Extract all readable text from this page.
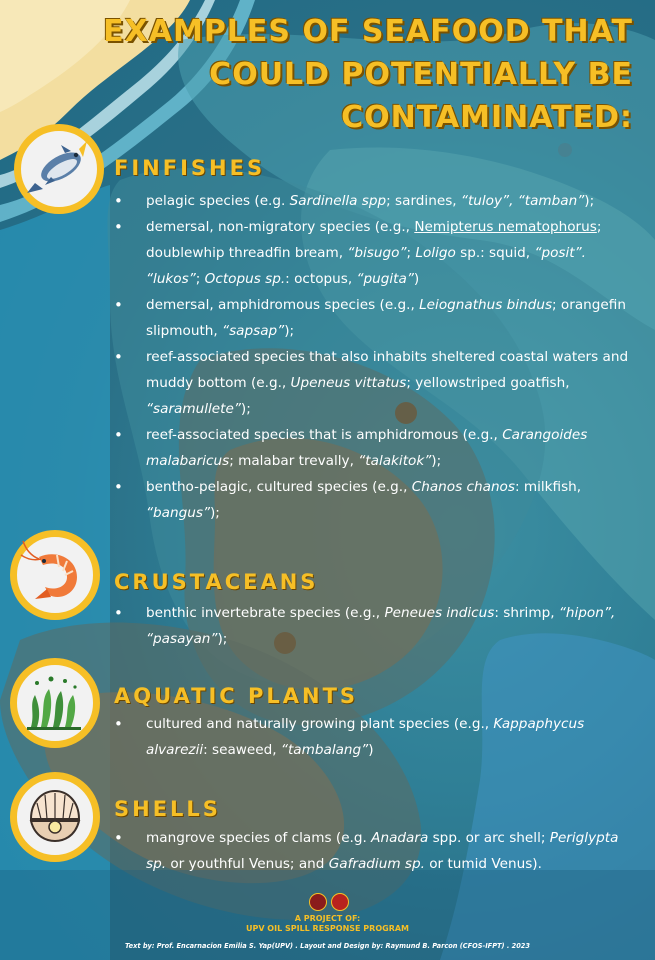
EXAMPLES OF SEAFOOD THAT
COULD POTENTIALLY BE
CONTAMINATED:
FINFISHES
• pelagic species (e.g. Sardinella spp; sardines, “tuloy”, “tamban”);
• demersal, non-migratory species (e.g., Nemipterus nematophorus; doublewhip threadfin bream, “bisugo”; Loligo sp.: squid, “posit”. “lukos”; Octopus sp.: octopus, “pugita”)
• demersal, amphidromous species (e.g., Leiognathus bindus; orangefin slipmouth, “sapsap”);
• reef-associated species that also inhabits sheltered coastal waters and muddy bottom (e.g., Upeneus vittatus; yellowstriped goatfish, “saramullete”);
• reef-associated species that is amphidromous (e.g., Carangoides malabaricus; malabar trevally, “talakitok”);
• bentho-pelagic, cultured species (e.g., Chanos chanos: milkfish, “bangus”);
CRUSTACEANS
• benthic invertebrate species (e.g., Peneues indicus: shrimp, “hipon”, “pasayan”);
AQUATIC PLANTS
• cultured and naturally growing plant species (e.g., Kappaphycus alvarezii: seaweed, “tambalang”)
SHELLS
• mangrove species of clams (e.g. Anadara spp. or arc shell; Periglypta sp. or youthful Venus; and Gafradium sp. or tumid Venus).
A PROJECT OF:
UPV OIL SPILL RESPONSE PROGRAM
Text by: Prof. Encarnacion Emilia S. Yap(UPV) . Layout and Design by: Raymund B. Parcon (CFOS-IFPT) . 2023
